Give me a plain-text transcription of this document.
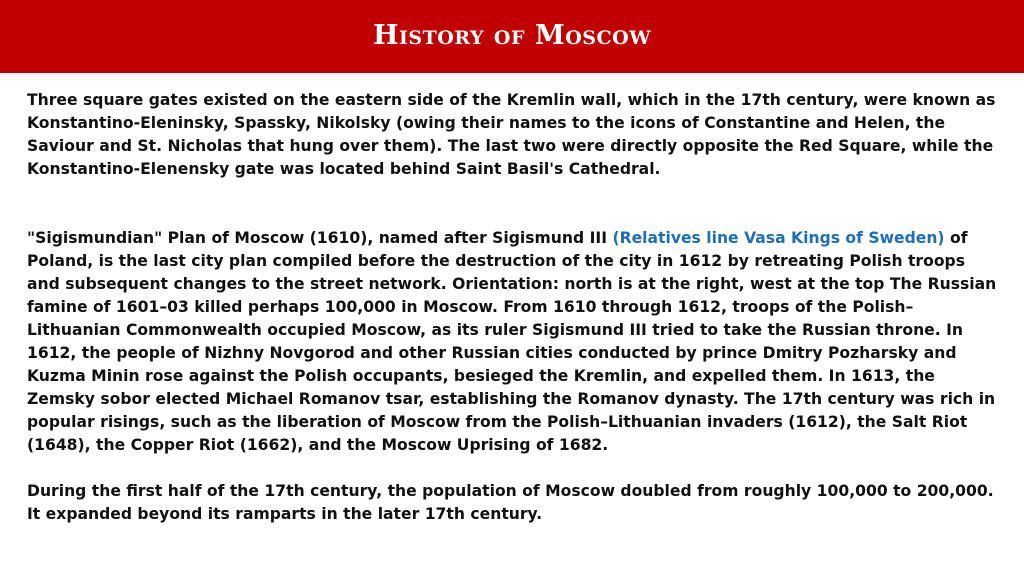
History of Moscow

Three square gates existed on the eastern side of the Kremlin wall, which in the 17th century, were known as Konstantino-Eleninsky, Spassky, Nikolsky (owing their names to the icons of Constantine and Helen, the Saviour and St. Nicholas that hung over them). The last two were directly opposite the Red Square, while the Konstantino-Elenensky gate was located behind Saint Basil's Cathedral.

"Sigismundian" Plan of Moscow (1610), named after Sigismund III (Relatives line Vasa Kings of Sweden) of Poland, is the last city plan compiled before the destruction of the city in 1612 by retreating Polish troops and subsequent changes to the street network. Orientation: north is at the right, west at the top The Russian famine of 1601–03 killed perhaps 100,000 in Moscow. From 1610 through 1612, troops of the Polish–Lithuanian Commonwealth occupied Moscow, as its ruler Sigismund III tried to take the Russian throne. In 1612, the people of Nizhny Novgorod and other Russian cities conducted by prince Dmitry Pozharsky and Kuzma Minin rose against the Polish occupants, besieged the Kremlin, and expelled them. In 1613, the Zemsky sobor elected Michael Romanov tsar, establishing the Romanov dynasty. The 17th century was rich in popular risings, such as the liberation of Moscow from the Polish–Lithuanian invaders (1612), the Salt Riot (1648), the Copper Riot (1662), and the Moscow Uprising of 1682.

During the first half of the 17th century, the population of Moscow doubled from roughly 100,000 to 200,000. It expanded beyond its ramparts in the later 17th century.
